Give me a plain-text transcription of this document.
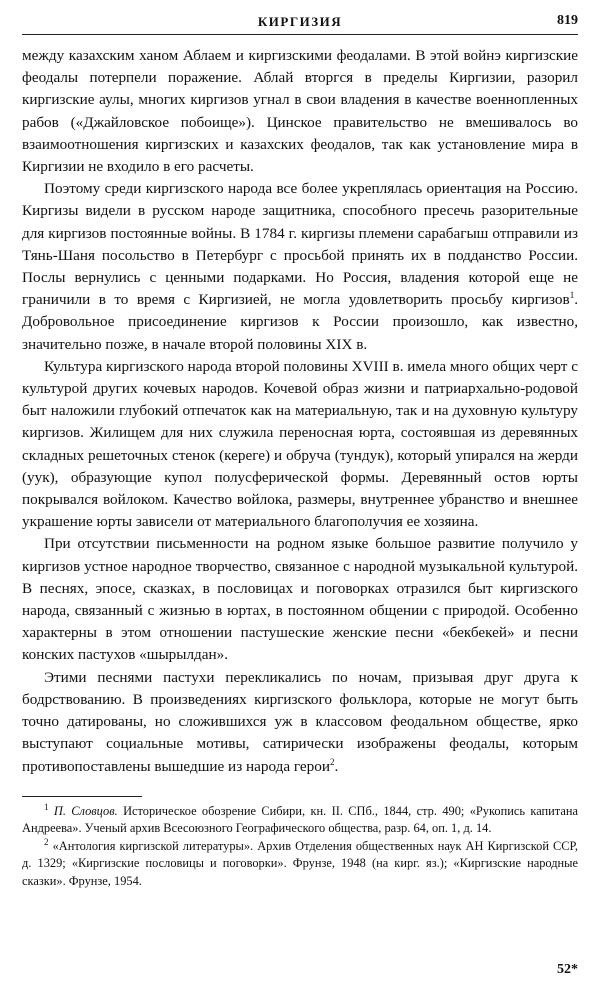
КИРГИЗИЯ	819

между казахским ханом Аблаем и киргизскими феодалами. В этой войнэ киргизские феодалы потерпели поражение. Аблай вторгся в пределы Киргизии, разорил киргизские аулы, многих киргизов угнал в свои владения в качестве военнопленных рабов («Джайловское побоище»). Цинское правительство не вмешивалось во взаимоотношения киргизских и казахских феодалов, так как установление мира в Киргизии не входило в его расчеты.

Поэтому среди киргизского народа все более укреплялась ориентация на Россию. Киргизы видели в русском народе защитника, способного пресечь разорительные для киргизов постоянные войны. В 1784 г. киргизы племени сарабагыш отправили из Тянь-Шаня посольство в Петербург с просьбой принять их в подданство России. Послы вернулись с ценными подарками. Но Россия, владения которой еще не граничили в то время с Киргизией, не могла удовлетворить просьбу киргизов$^1$. Добровольное присоединение киргизов к России произошло, как известно, значительно позже, в начале второй половины XIX в.

Культура киргизского народа второй половины XVIII в. имела много общих черт с культурой других кочевых народов. Кочевой образ жизни и патриархально-родовой быт наложили глубокий отпечаток как на материальную, так и на духовную культуру киргизов. Жилищем для них служила переносная юрта, состоявшая из деревянных складных решеточных стенок (кереге) и обруча (тундук), который упирался на жерди (уук), образующие купол полусферической формы. Деревянный остов юрты покрывался войлоком. Качество войлока, размеры, внутреннее убранство и внешнее украшение юрты зависели от материального благополучия ее хозяина.

При отсутствии письменности на родном языке большое развитие получило у киргизов устное народное творчество, связанное с народной музыкальной культурой. В песнях, эпосе, сказках, в пословицах и поговорках отразился быт киргизского народа, связанный с жизнью в юртах, в постоянном общении с природой. Особенно характерны в этом отношении пастушеские женские песни «бекбекей» и песни конских пастухов «шырылдан».

Этими песнями пастухи перекликались по ночам, призывая друг друга к бодрствованию. В произведениях киргизского фольклора, которые не могут быть точно датированы, но сложившихся уж в классовом феодальном обществе, ярко выступают социальные мотивы, сатирически изображены феодалы, которым противопоставлены вышедшие из народа герои$^2$.

$^1$ П. Словцов. Историческое обозрение Сибири, кн. II. СПб., 1844, стр. 490; «Рукопись капитана Андреева». Ученый архив Всесоюзного Географического общества, разр. 64, оп. 1, д. 14.

$^2$ «Антология киргизской литературы». Архив Отделения общественных наук АН Киргизской ССР, д. 1329; «Киргизские пословицы и поговорки». Фрунзе, 1948 (на кирг. яз.); «Киргизские народные сказки». Фрунзе, 1954.

52*
